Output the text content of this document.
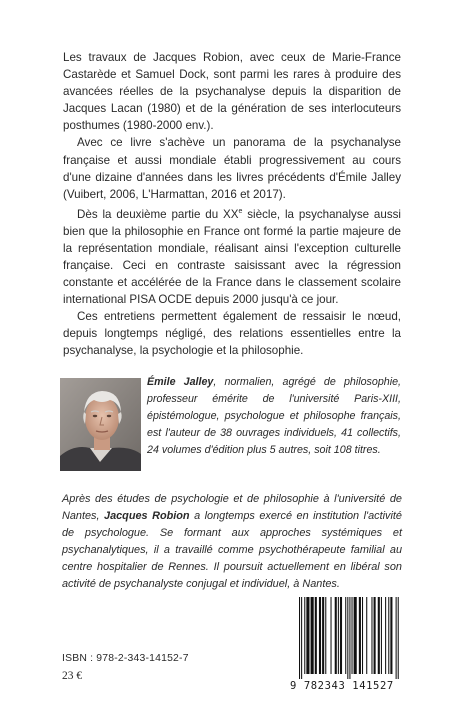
Les travaux de Jacques Robion, avec ceux de Marie-France Castarède et Samuel Dock, sont parmi les rares à produire des avancées réelles de la psychanalyse depuis la disparition de Jacques Lacan (1980) et de la génération de ses interlocuteurs posthumes (1980-2000 env.).

Avec ce livre s'achève un panorama de la psychanalyse française et aussi mondiale établi progressivement au cours d'une dizaine d'années dans les livres précédents d'Émile Jalley (Vuibert, 2006, L'Harmattan, 2016 et 2017).

Dès la deuxième partie du XXe siècle, la psychanalyse aussi bien que la philosophie en France ont formé la partie majeure de la représentation mondiale, réalisant ainsi l'exception culturelle française. Ceci en contraste saisissant avec la régression constante et accélérée de la France dans le classement scolaire international PISA OCDE depuis 2000 jusqu'à ce jour.

Ces entretiens permettent également de ressaisir le nœud, depuis longtemps négligé, des relations essentielles entre la psychanalyse, la psychologie et la philosophie.

Émile Jalley, normalien, agrégé de philosophie, professeur émérite de l'université Paris-XIII, épistémologue, psychologue et philosophe français, est l'auteur de 38 ouvrages individuels, 41 collectifs, 24 volumes d'édition plus 5 autres, soit 108 titres.
Après des études de psychologie et de philosophie à l'université de Nantes, Jacques Robion a longtemps exercé en institution l'activité de psychologue. Se formant aux approches systémiques et psychanalytiques, il a travaillé comme psychothérapeute familial au centre hospitalier de Rennes. Il poursuit actuellement en libéral son activité de psychanalyste conjugal et individuel, à Nantes.
ISBN : 978-2-343-14152-7
23 €
9 782343 141527
